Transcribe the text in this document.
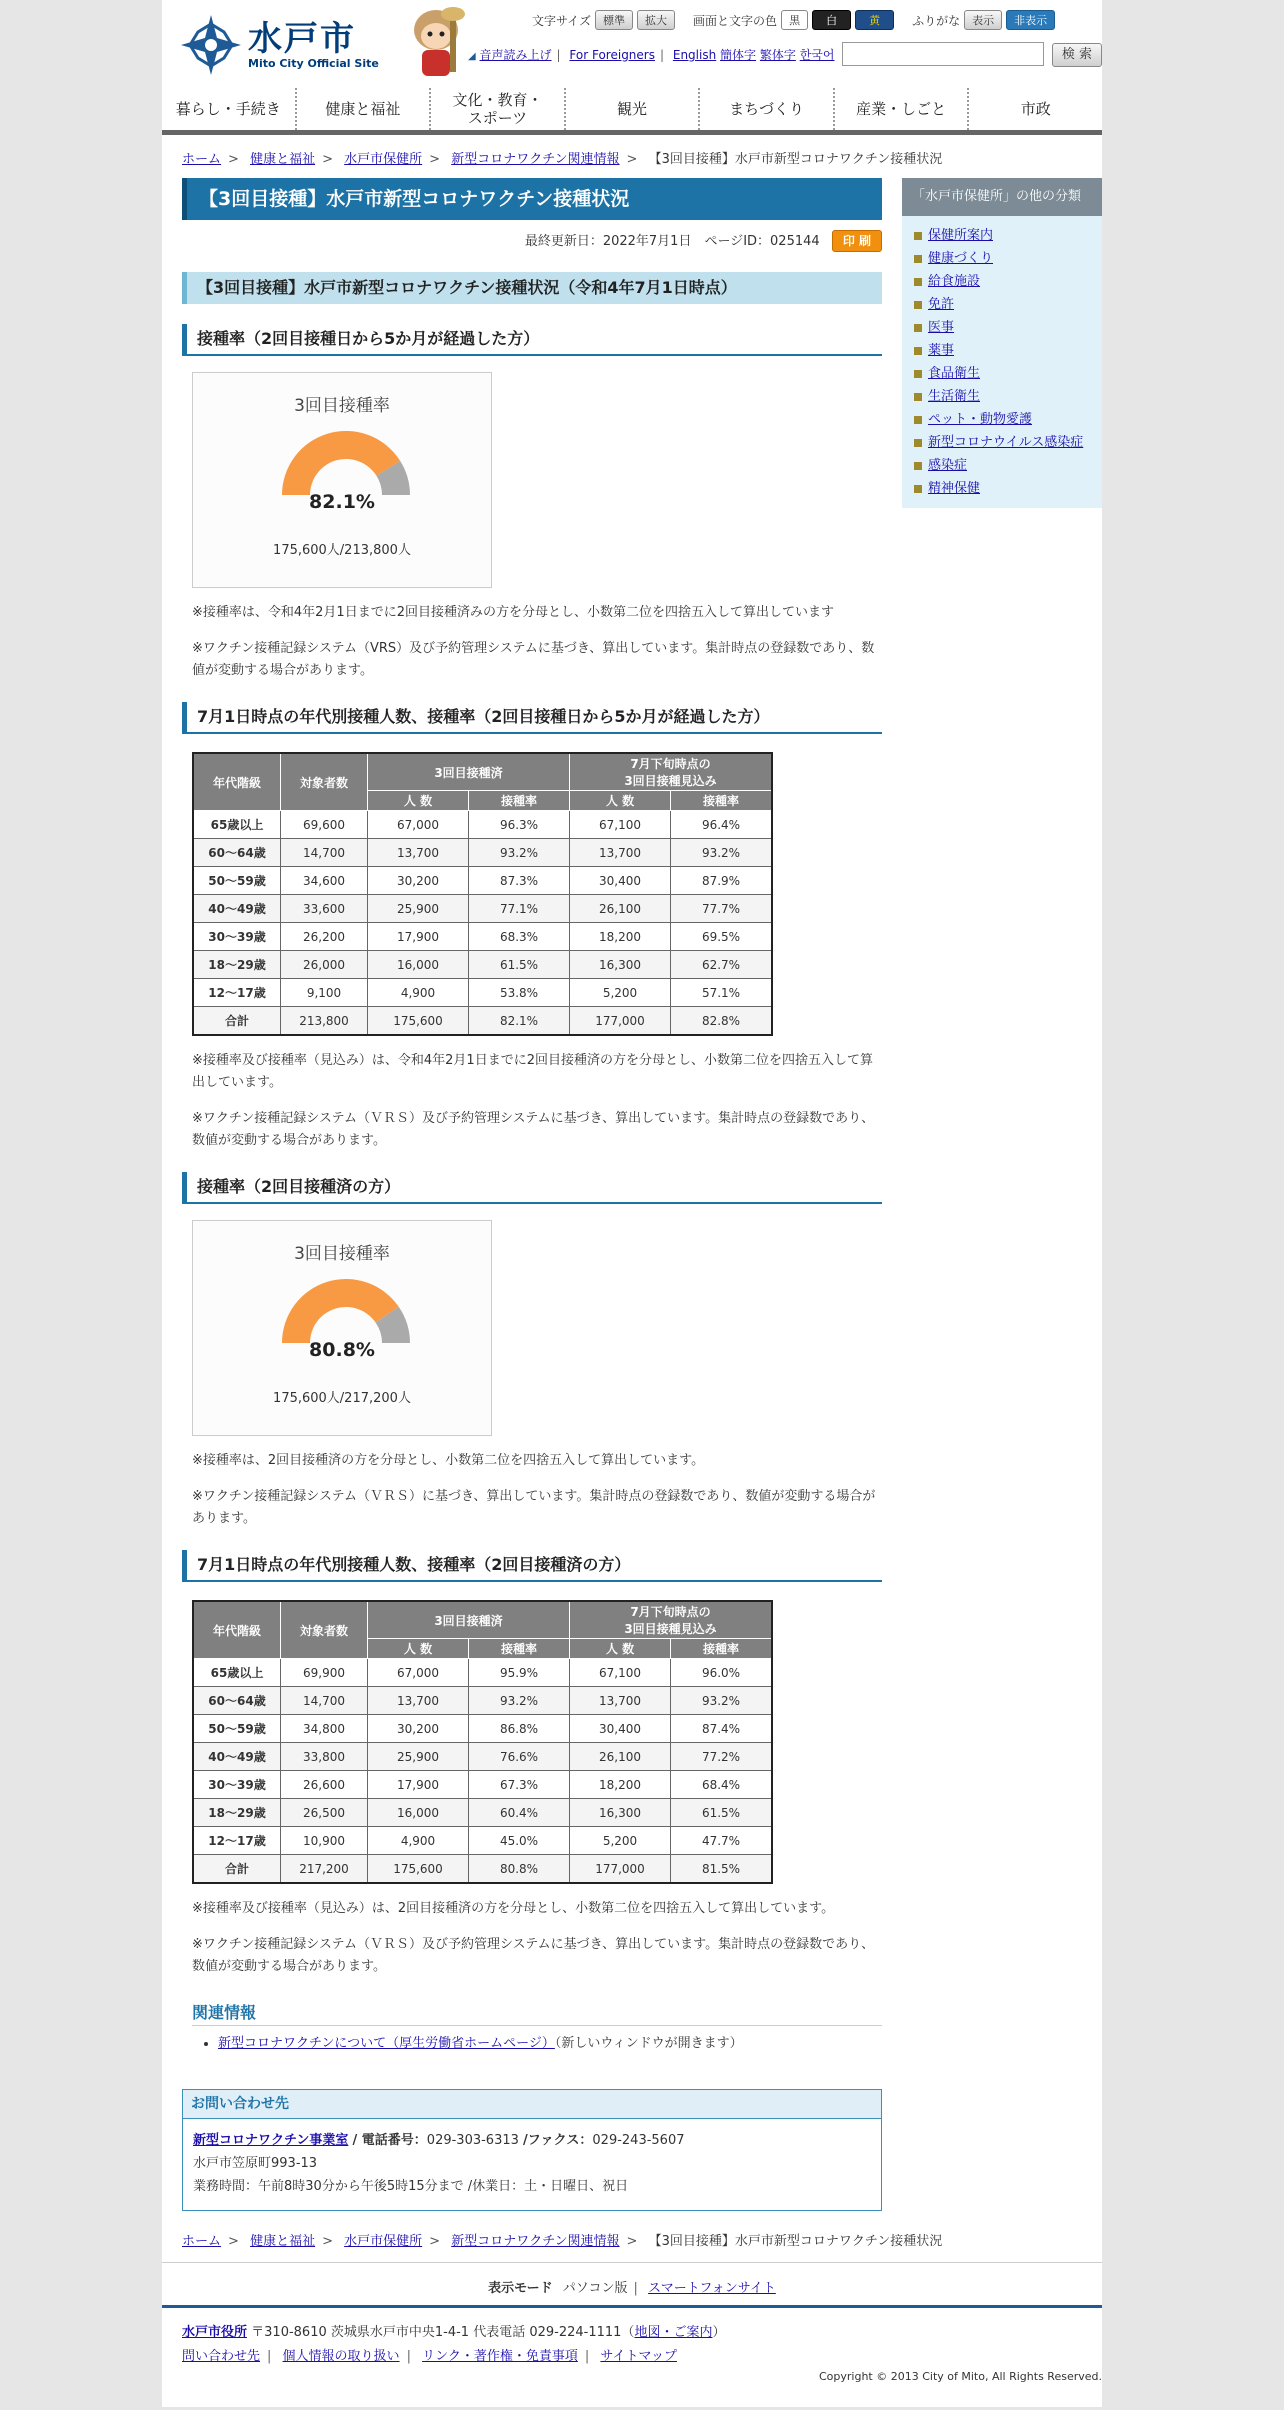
水戸市
Mito City Official Site
文字サイズ	標準	拡大	画面と文字の色	黒	白	黄	ふりがな	表示	非表示
◢ 音声読み上げ | For Foreigners | English 簡体字 繁体字 한국어	検 索
暮らし・手続き	健康と福祉	文化・教育・
スポーツ	観光	まちづくり	産業・しごと	市政
ホーム > 健康と福祉 > 水戸市保健所 > 新型コロナワクチン関連情報 > 【3回目接種】水戸市新型コロナワクチン接種状況
【3回目接種】水戸市新型コロナワクチン接種状況
最終更新日：2022年7月1日　ページID：025144 印 刷
【3回目接種】水戸市新型コロナワクチン接種状況（令和4年7月1日時点）
接種率（2回目接種日から5か月が経過した方）
3回目接種率
82.1%
175,600人/213,800人

※接種率は、令和4年2月1日までに2回目接種済みの方を分母とし、小数第二位を四捨五入して算出しています

※ワクチン接種記録システム（VRS）及び予約管理システムに基づき、算出しています。集計時点の登録数であり、数値が変動する場合があります。

7月1日時点の年代別接種人数、接種率（2回目接種日から5か月が経過した方）
年代階級	対象者数	3回目接種済		7月下旬時点の
3回目接種見込み	
		人 数	接種率	人 数	接種率
65歳以上	69,600	67,000	96.3%	67,100	96.4%
60～64歳	14,700	13,700	93.2%	13,700	93.2%
50～59歳	34,600	30,200	87.3%	30,400	87.9%
40～49歳	33,600	25,900	77.1%	26,100	77.7%
30～39歳	26,200	17,900	68.3%	18,200	69.5%
18～29歳	26,000	16,000	61.5%	16,300	62.7%
12～17歳	9,100	4,900	53.8%	5,200	57.1%
合計	213,800	175,600	82.1%	177,000	82.8%

※接種率及び接種率（見込み）は、令和4年2月1日までに2回目接種済の方を分母とし、小数第二位を四捨五入して算出しています。

※ワクチン接種記録システム（ＶＲＳ）及び予約管理システムに基づき、算出しています。集計時点の登録数であり、数値が変動する場合があります。

接種率（2回目接種済の方）
3回目接種率
80.8%
175,600人/217,200人

※接種率は、2回目接種済の方を分母とし、小数第二位を四捨五入して算出しています。

※ワクチン接種記録システム（ＶＲＳ）に基づき、算出しています。集計時点の登録数であり、数値が変動する場合があります。

7月1日時点の年代別接種人数、接種率（2回目接種済の方）
年代階級	対象者数	3回目接種済		7月下旬時点の
3回目接種見込み	
		人 数	接種率	人 数	接種率
65歳以上	69,900	67,000	95.9%	67,100	96.0%
60～64歳	14,700	13,700	93.2%	13,700	93.2%
50～59歳	34,800	30,200	86.8%	30,400	87.4%
40～49歳	33,800	25,900	76.6%	26,100	77.2%
30～39歳	26,600	17,900	67.3%	18,200	68.4%
18～29歳	26,500	16,000	60.4%	16,300	61.5%
12～17歳	10,900	4,900	45.0%	5,200	47.7%
合計	217,200	175,600	80.8%	177,000	81.5%

※接種率及び接種率（見込み）は、2回目接種済の方を分母とし、小数第二位を四捨五入して算出しています。

※ワクチン接種記録システム（ＶＲＳ）及び予約管理システムに基づき、算出しています。集計時点の登録数であり、数値が変動する場合があります。

関連情報
• 新型コロナワクチンについて（厚生労働省ホームページ）（新しいウィンドウが開きます）
お問い合わせ先
新型コロナワクチン事業室 / 電話番号：029-303-6313 /ファクス：029-243-5607
水戸市笠原町993-13
業務時間：午前8時30分から午後5時15分まで /休業日：土・日曜日、祝日
「水戸市保健所」の他の分類
保健所案内
健康づくり
給食施設
免許
医事
薬事
食品衛生
生活衛生
ペット・動物愛護
新型コロナウイルス感染症
感染症
精神保健
ホーム > 健康と福祉 > 水戸市保健所 > 新型コロナワクチン関連情報 > 【3回目接種】水戸市新型コロナワクチン接種状況
表示モード パソコン版 | スマートフォンサイト
水戸市役所 〒310-8610 茨城県水戸市中央1-4-1 代表電話 029-224-1111（地図・ご案内）
問い合わせ先 | 個人情報の取り扱い | リンク・著作権・免責事項 | サイトマップ
Copyright © 2013 City of Mito, All Rights Reserved.
